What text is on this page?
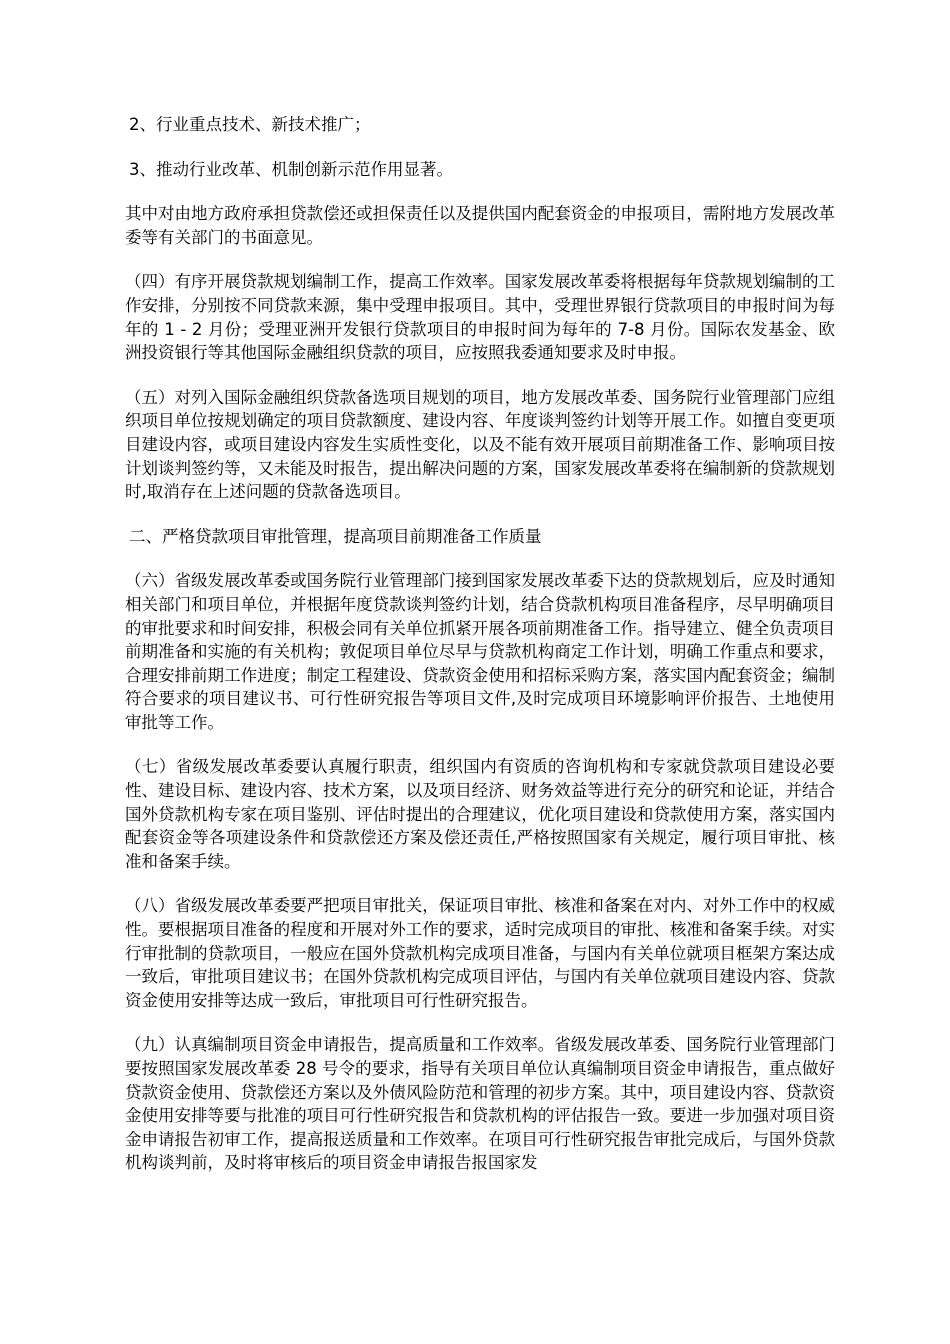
2、行业重点技术、新技术推广；

3、推动行业改革、机制创新示范作用显著。

其中对由地方政府承担贷款偿还或担保责任以及提供国内配套资金的申报项目，需附地方发展改革委等有关部门的书面意见。

（四）有序开展贷款规划编制工作，提高工作效率。国家发展改革委将根据每年贷款规划编制的工作安排，分别按不同贷款来源，集中受理申报项目。其中，受理世界银行贷款项目的申报时间为每年的 1 - 2 月份；受理亚洲开发银行贷款项目的申报时间为每年的 7-8 月份。国际农发基金、欧洲投资银行等其他国际金融组织贷款的项目，应按照我委通知要求及时申报。

（五）对列入国际金融组织贷款备选项目规划的项目，地方发展改革委、国务院行业管理部门应组织项目单位按规划确定的项目贷款额度、建设内容、年度谈判签约计划等开展工作。如擅自变更项目建设内容，或项目建设内容发生实质性变化，以及不能有效开展项目前期准备工作、影响项目按计划谈判签约等，又未能及时报告，提出解决问题的方案，国家发展改革委将在编制新的贷款规划时,取消存在上述问题的贷款备选项目。

二、严格贷款项目审批管理，提高项目前期准备工作质量

（六）省级发展改革委或国务院行业管理部门接到国家发展改革委下达的贷款规划后，应及时通知相关部门和项目单位，并根据年度贷款谈判签约计划，结合贷款机构项目准备程序，尽早明确项目的审批要求和时间安排，积极会同有关单位抓紧开展各项前期准备工作。指导建立、健全负责项目前期准备和实施的有关机构；敦促项目单位尽早与贷款机构商定工作计划，明确工作重点和要求，合理安排前期工作进度；制定工程建设、贷款资金使用和招标采购方案，落实国内配套资金；编制符合要求的项目建议书、可行性研究报告等项目文件,及时完成项目环境影响评价报告、土地使用审批等工作。

（七）省级发展改革委要认真履行职责，组织国内有资质的咨询机构和专家就贷款项目建设必要性、建设目标、建设内容、技术方案，以及项目经济、财务效益等进行充分的研究和论证，并结合国外贷款机构专家在项目鉴别、评估时提出的合理建议，优化项目建设和贷款使用方案，落实国内配套资金等各项建设条件和贷款偿还方案及偿还责任,严格按照国家有关规定，履行项目审批、核准和备案手续。

（八）省级发展改革委要严把项目审批关，保证项目审批、核准和备案在对内、对外工作中的权威性。要根据项目准备的程度和开展对外工作的要求，适时完成项目的审批、核准和备案手续。对实行审批制的贷款项目，一般应在国外贷款机构完成项目准备，与国内有关单位就项目框架方案达成一致后，审批项目建议书；在国外贷款机构完成项目评估，与国内有关单位就项目建设内容、贷款资金使用安排等达成一致后，审批项目可行性研究报告。

（九）认真编制项目资金申请报告，提高质量和工作效率。省级发展改革委、国务院行业管理部门要按照国家发展改革委 28 号令的要求，指导有关项目单位认真编制项目资金申请报告，重点做好贷款资金使用、贷款偿还方案以及外债风险防范和管理的初步方案。其中，项目建设内容、贷款资金使用安排等要与批准的项目可行性研究报告和贷款机构的评估报告一致。要进一步加强对项目资金申请报告初审工作，提高报送质量和工作效率。在项目可行性研究报告审批完成后，与国外贷款机构谈判前，及时将审核后的项目资金申请报告报国家发
